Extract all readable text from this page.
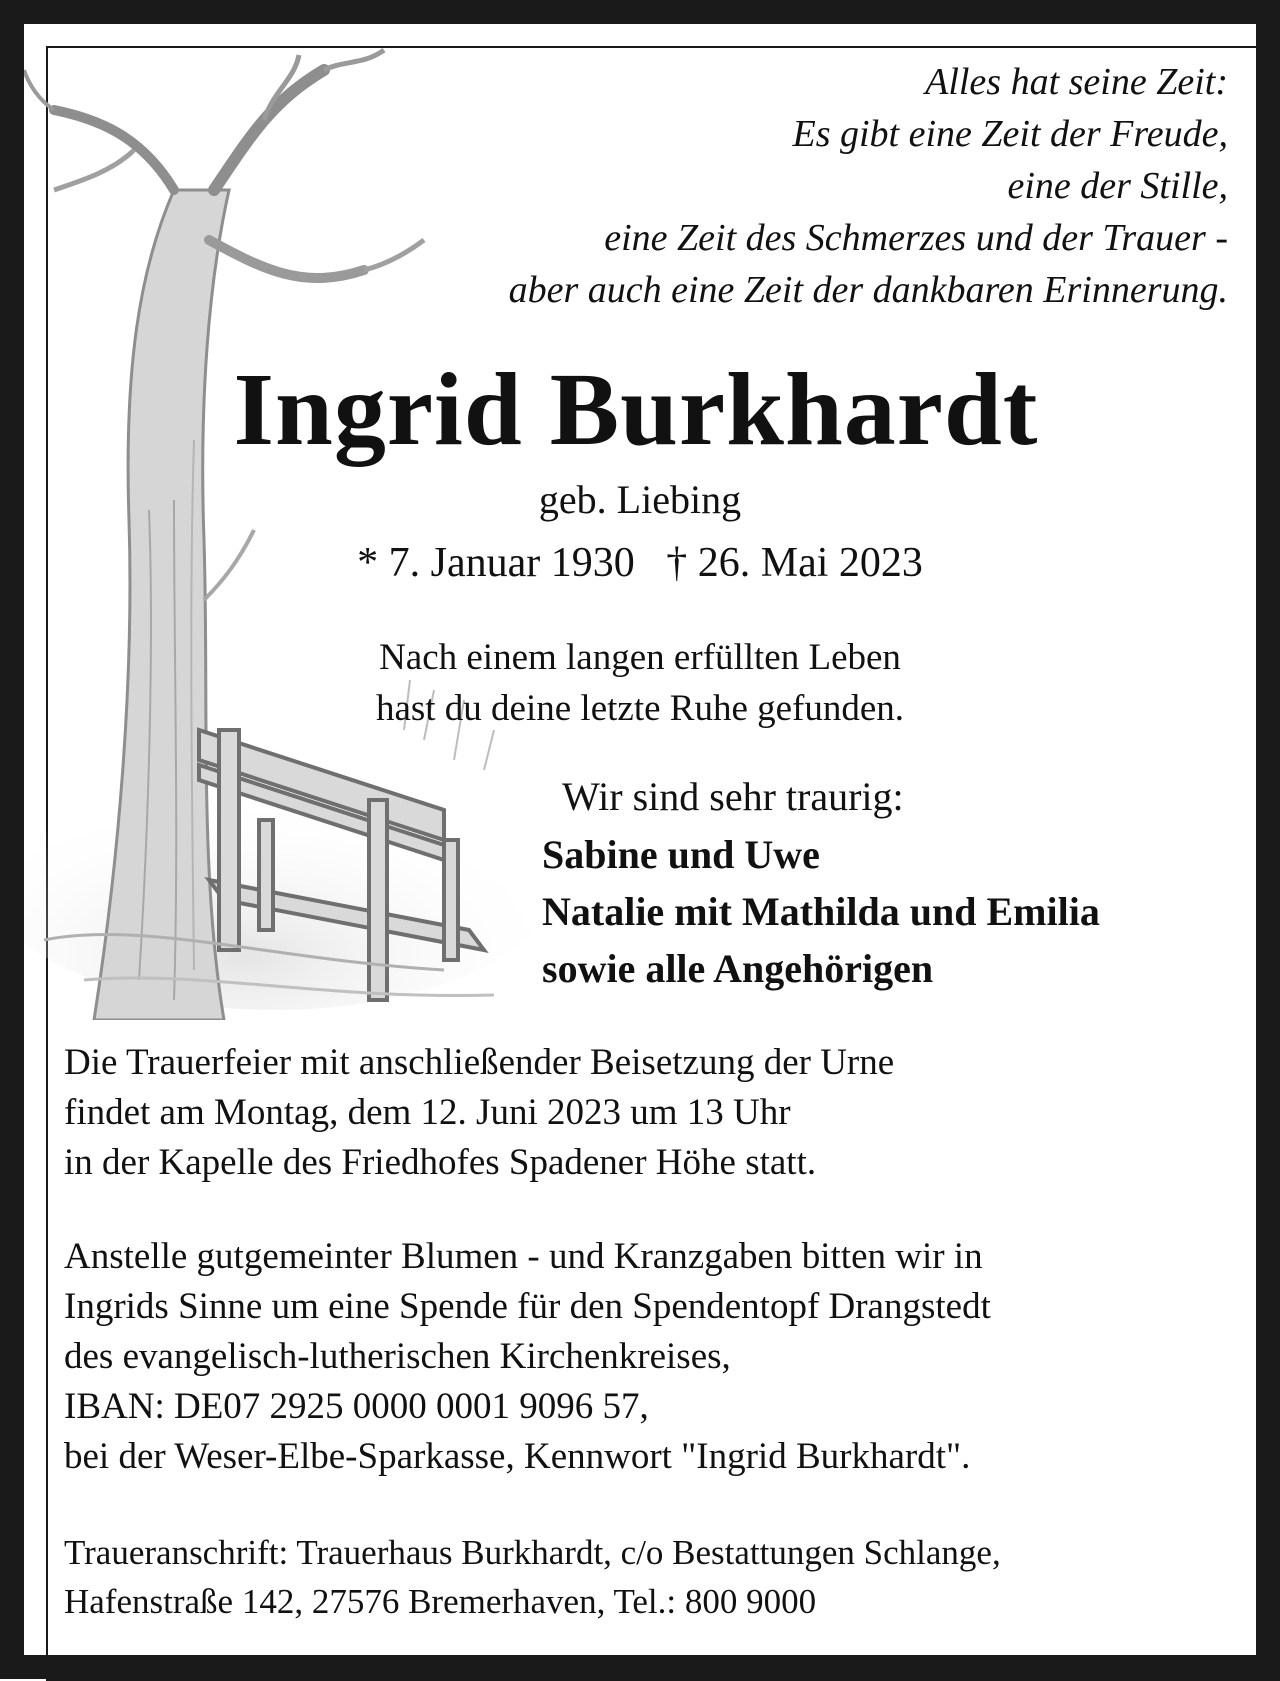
Alles hat seine Zeit:
Es gibt eine Zeit der Freude,
eine der Stille,
eine Zeit des Schmerzes und der Trauer -
aber auch eine Zeit der dankbaren Erinnerung.
Ingrid Burkhardt
geb. Liebing
* 7. Januar 1930   † 26. Mai 2023
Nach einem langen erfüllten Leben
hast du deine letzte Ruhe gefunden.
Wir sind sehr traurig:
Sabine und Uwe
Natalie mit Mathilda und Emilia
sowie alle Angehörigen
Die Trauerfeier mit anschließender Beisetzung der Urne
findet am Montag, dem 12. Juni 2023 um 13 Uhr
in der Kapelle des Friedhofes Spadener Höhe statt.
Anstelle gutgemeinter Blumen - und Kranzgaben bitten wir in
Ingrids Sinne um eine Spende für den Spendentopf Drangstedt
des evangelisch-lutherischen Kirchenkreises,
IBAN: DE07 2925 0000 0001 9096 57,
bei der Weser-Elbe-Sparkasse, Kennwort "Ingrid Burkhardt".
Traueranschrift: Trauerhaus Burkhardt, c/o Bestattungen Schlange,
Hafenstraße 142, 27576 Bremerhaven, Tel.: 800 9000
